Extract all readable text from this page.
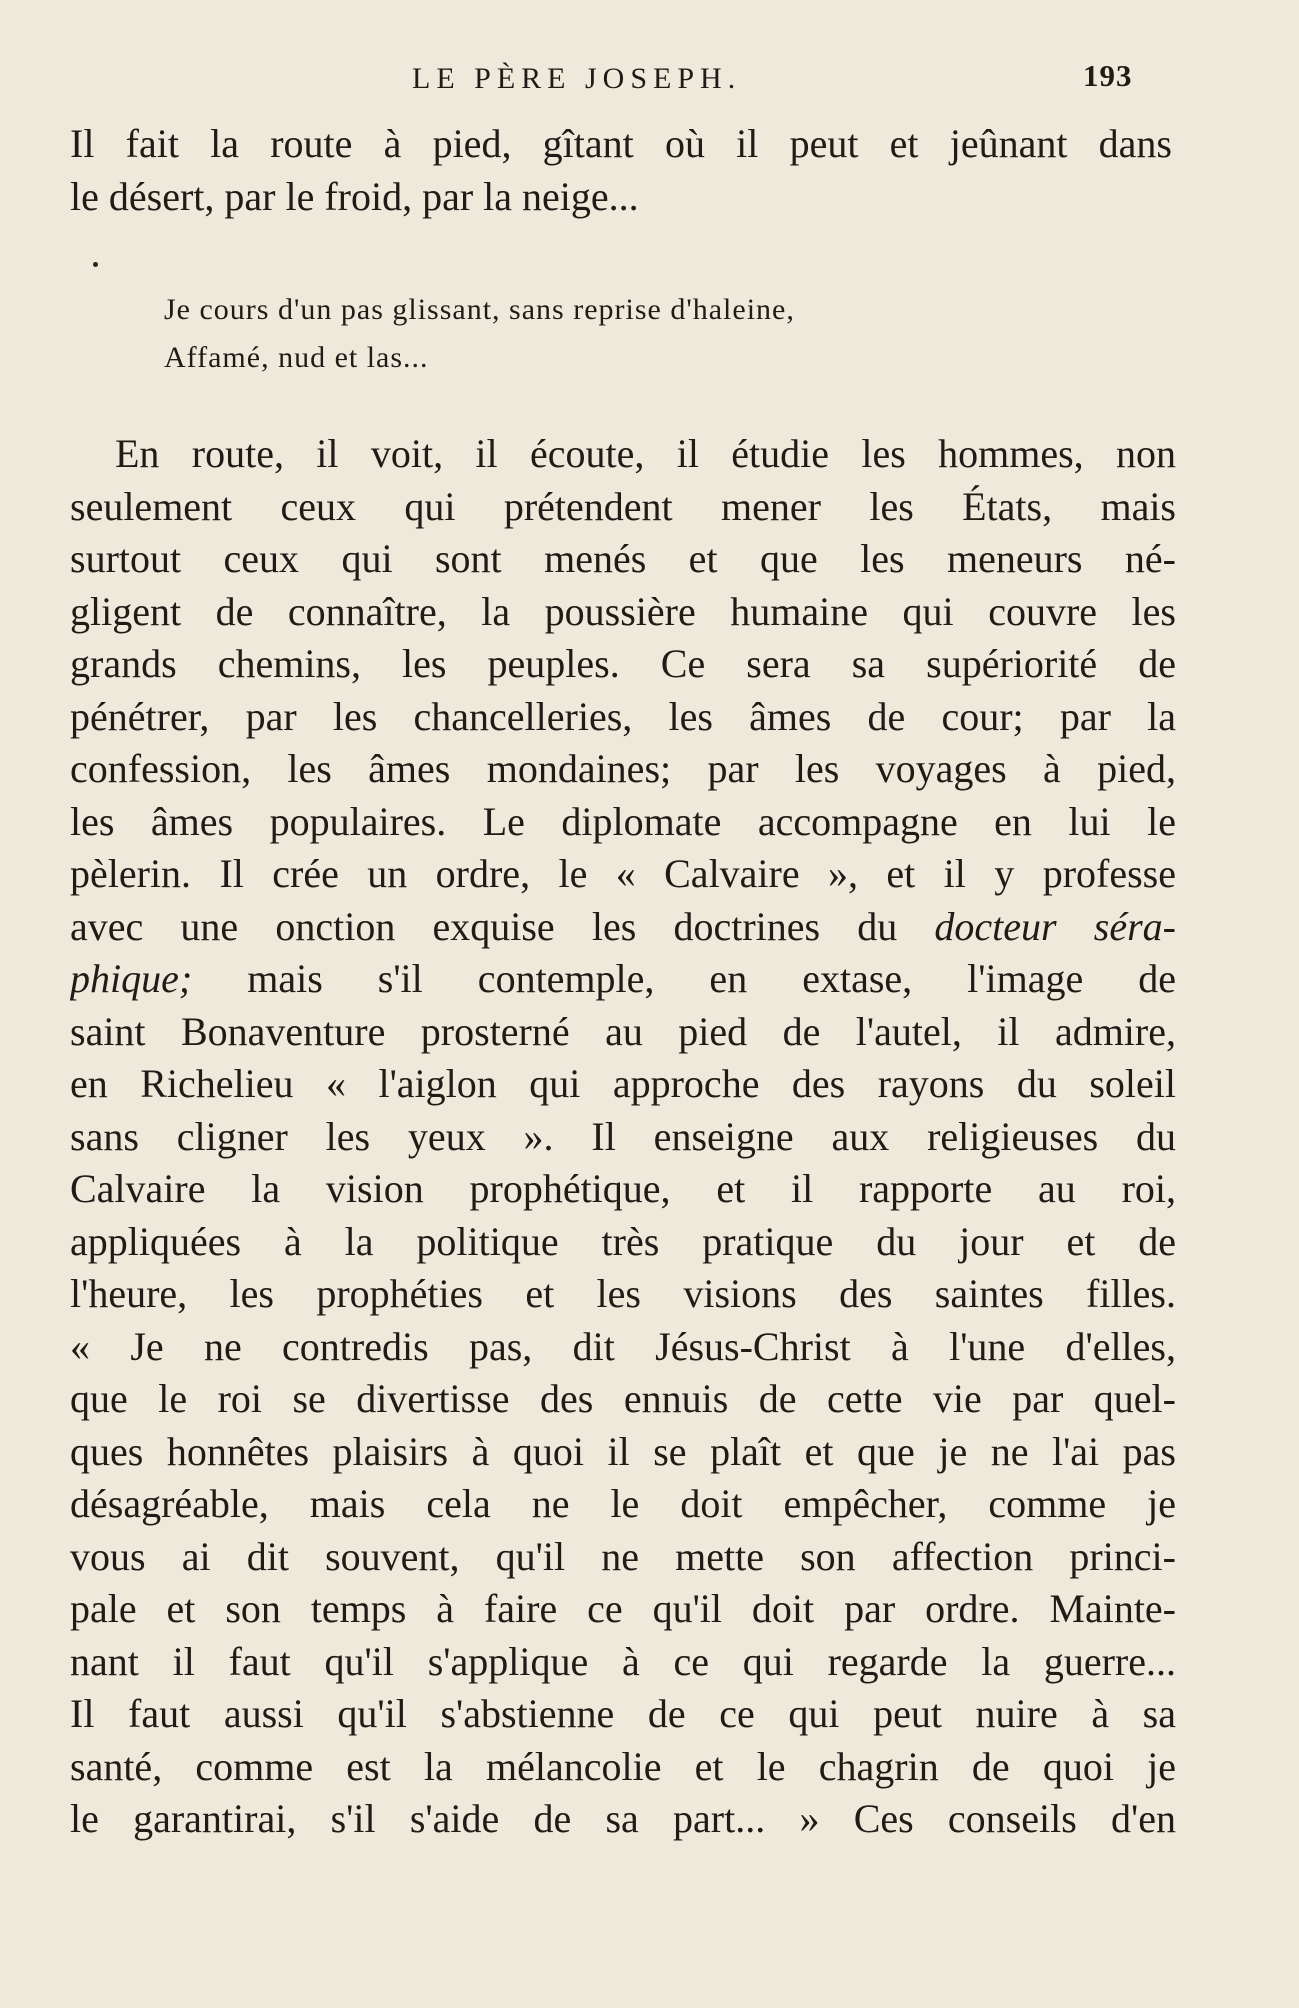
LE PÈRE JOSEPH.	193
Il fait la route à pied, gîtant où il peut et jeûnant dans
le désert, par le froid, par la neige...
Je cours d'un pas glissant, sans reprise d'haleine,
Affamé, nud et las...
En route, il voit, il écoute, il étudie les hommes, non
seulement ceux qui prétendent mener les États, mais
surtout ceux qui sont menés et que les meneurs né-
gligent de connaître, la poussière humaine qui couvre les
grands chemins, les peuples. Ce sera sa supériorité de
pénétrer, par les chancelleries, les âmes de cour; par la
confession, les âmes mondaines; par les voyages à pied,
les âmes populaires. Le diplomate accompagne en lui le
pèlerin. Il crée un ordre, le « Calvaire », et il y professe
avec une onction exquise les doctrines du docteur séra-
phique; mais s'il contemple, en extase, l'image de
saint Bonaventure prosterné au pied de l'autel, il admire,
en Richelieu « l'aiglon qui approche des rayons du soleil
sans cligner les yeux ». Il enseigne aux religieuses du
Calvaire la vision prophétique, et il rapporte au roi,
appliquées à la politique très pratique du jour et de
l'heure, les prophéties et les visions des saintes filles.
« Je ne contredis pas, dit Jésus-Christ à l'une d'elles,
que le roi se divertisse des ennuis de cette vie par quel-
ques honnêtes plaisirs à quoi il se plaît et que je ne l'ai pas
désagréable, mais cela ne le doit empêcher, comme je
vous ai dit souvent, qu'il ne mette son affection princi-
pale et son temps à faire ce qu'il doit par ordre. Mainte-
nant il faut qu'il s'applique à ce qui regarde la guerre...
Il faut aussi qu'il s'abstienne de ce qui peut nuire à sa
santé, comme est la mélancolie et le chagrin de quoi je
le garantirai, s'il s'aide de sa part... » Ces conseils d'en
